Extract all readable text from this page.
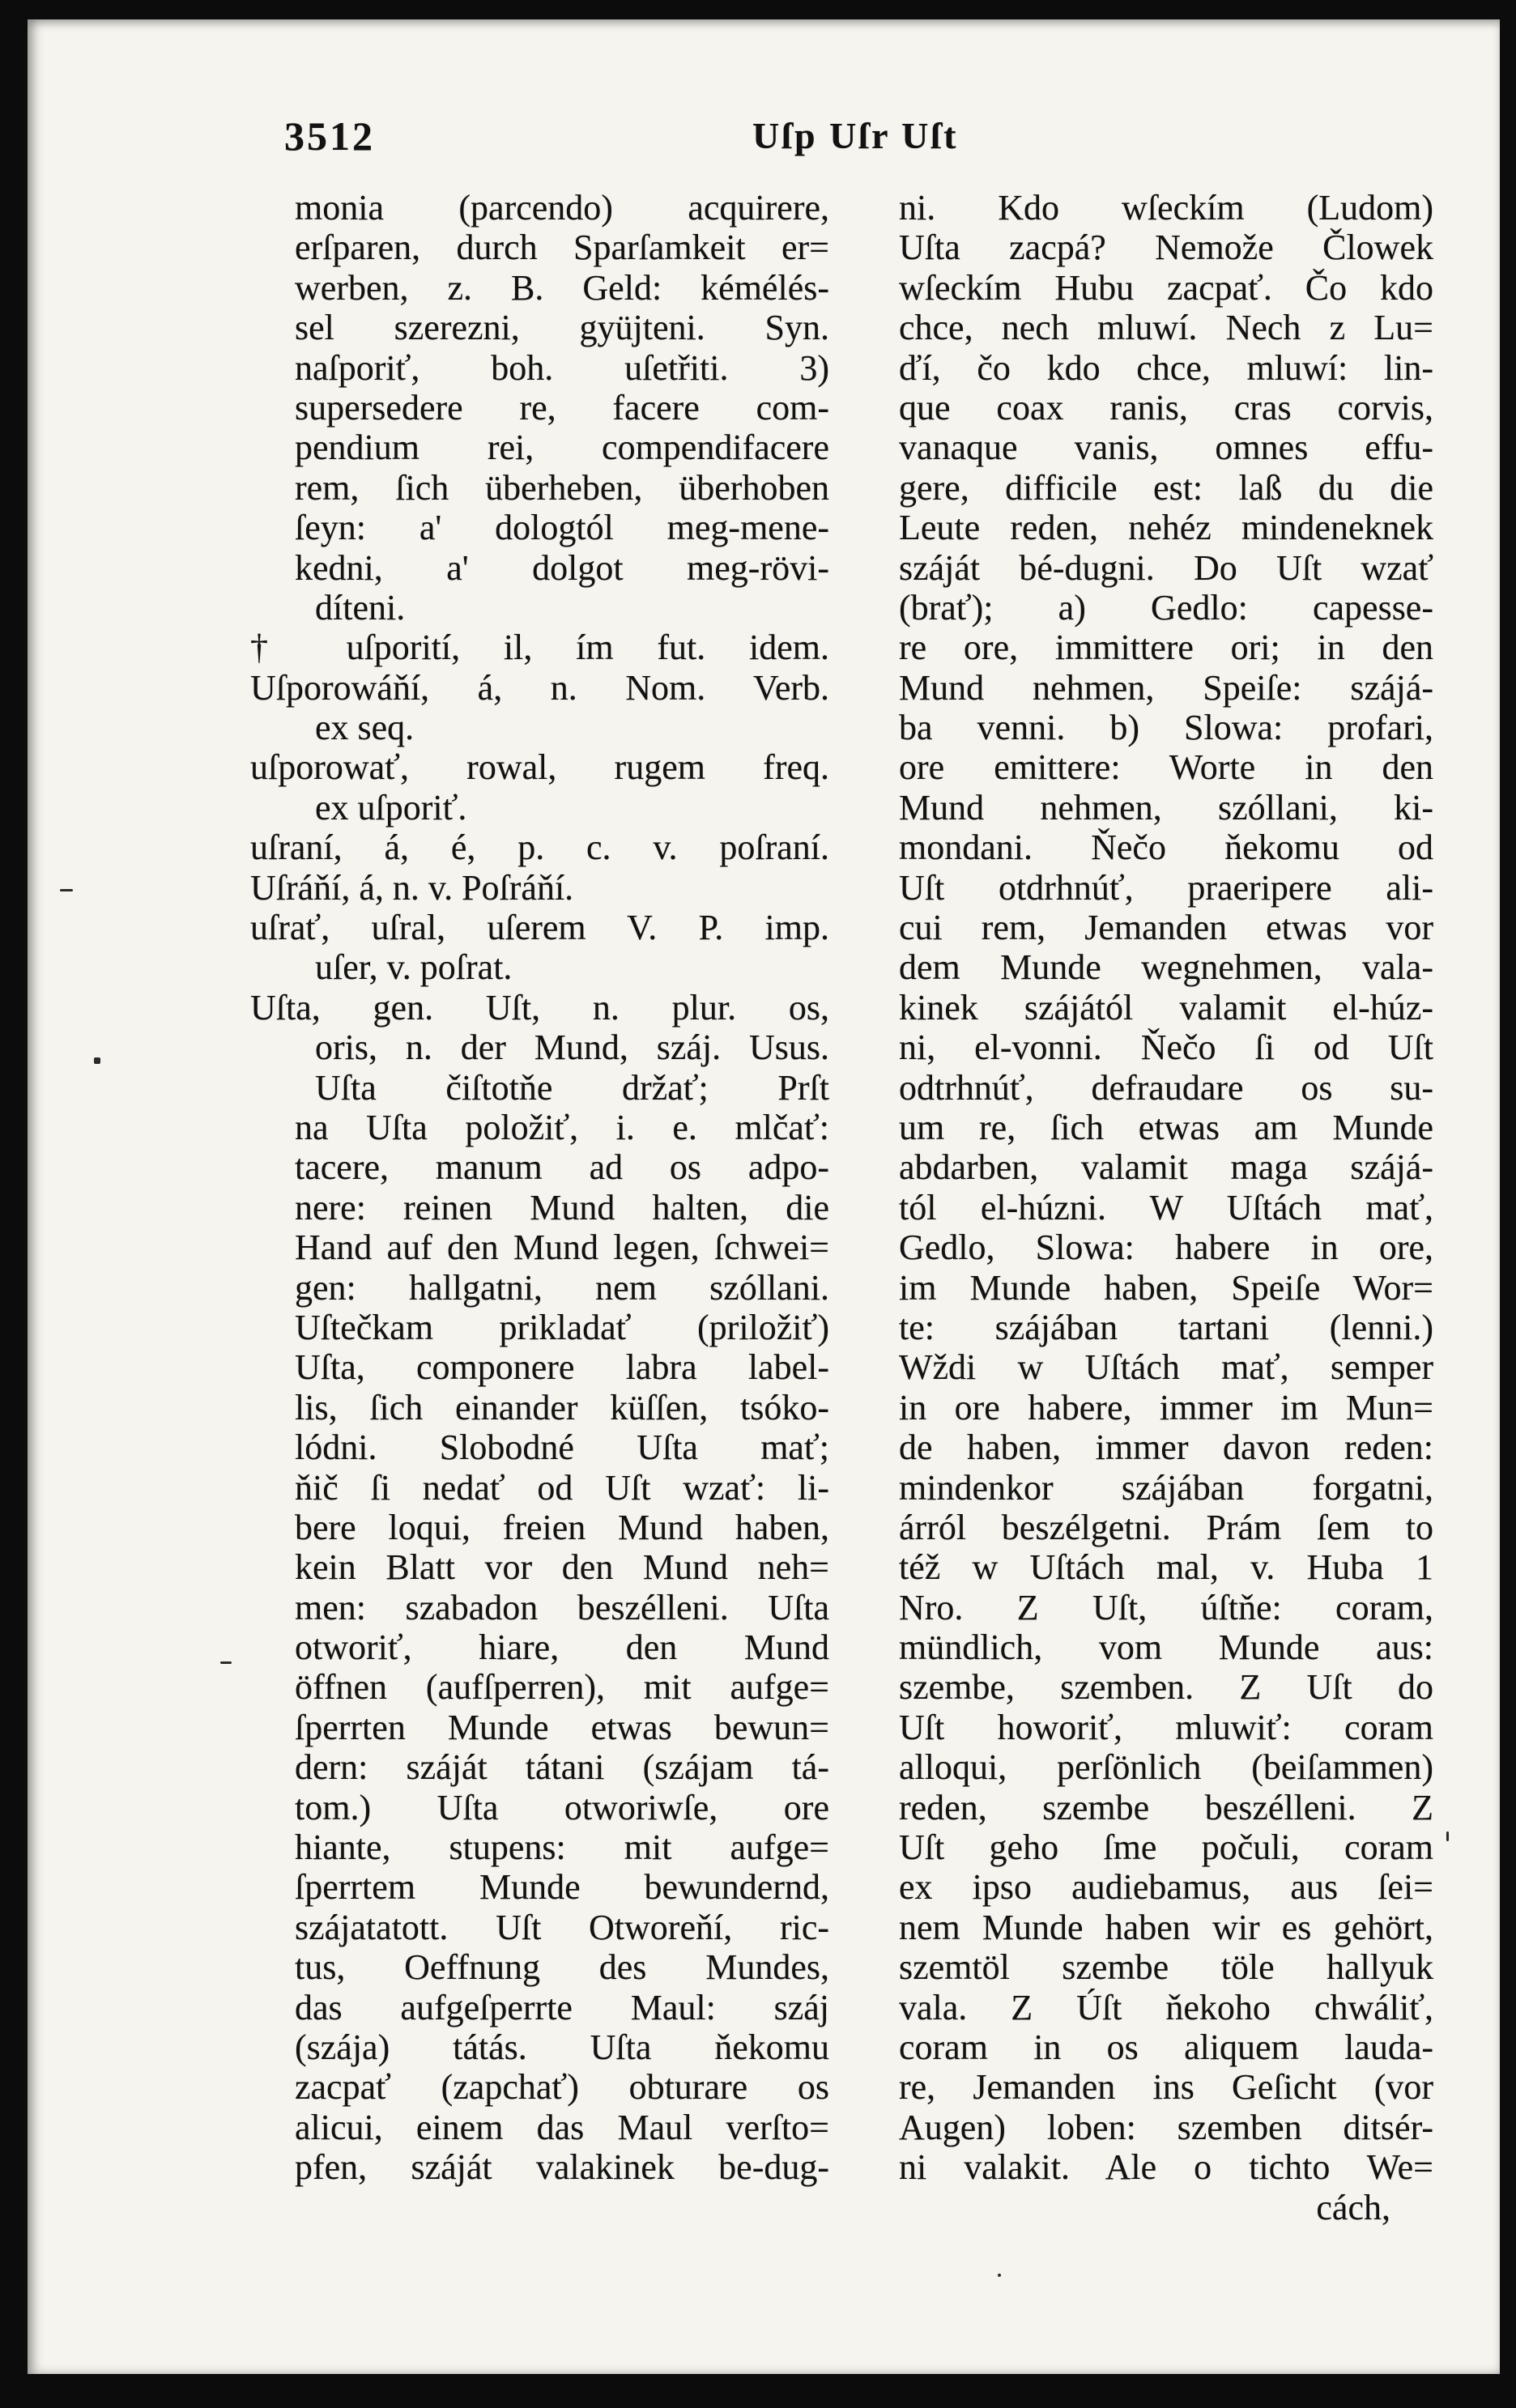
3512	Uſp Uſr Uſt
monia (parcendo) acquirere,
erſparen, durch Sparſamkeit er=
werben, z. B. Geld: kémélés-
sel szerezni, gyüjteni. Syn.
naſporiť, boh. uſetřiti. 3)
supersedere re, facere com-
pendium rei, compendifacere
rem, ſich überheben, überhoben
ſeyn: a' dologtól meg-mene-
kedni, a' dolgot meg-rövi-
díteni.
† uſporití, il, ím fut. idem.
Uſporowáňí, á, n. Nom. Verb.
ex seq.
uſporowať, rowal, rugem freq.
ex uſporiť.
uſraní, á, é, p. c. v. poſraní.
Uſráňí, á, n. v. Poſráňí.
uſrať, uſral, uſerem V. P. imp.
uſer, v. poſrat.
Uſta, gen. Uſt, n. plur. os,
oris, n. der Mund, száj. Usus.
Uſta čiſtotňe držať; Prſt
na Uſta položiť, i. e. mlčať:
tacere, manum ad os adpo-
nere: reinen Mund halten, die
Hand auf den Mund legen, ſchwei=
gen: hallgatni, nem szóllani.
Uſtečkam prikladať (priložiť)
Uſta, componere labra label-
lis, ſich einander küſſen, tsóko-
lódni. Slobodné Uſta mať;
ňič ſi nedať od Uſt wzať: li-
bere loqui, freien Mund haben,
kein Blatt vor den Mund neh=
men: szabadon beszélleni. Uſta
otworiť, hiare, den Mund
öffnen (aufſperren), mit aufge=
ſperrten Munde etwas bewun=
dern: száját tátani (szájam tá-
tom.) Uſta otworiwſe, ore
hiante, stupens: mit aufge=
ſperrtem Munde bewundernd,
szájatatott. Uſt Otworeňí, ric-
tus, Oeffnung des Mundes,
das aufgeſperrte Maul: száj
(szája) tátás. Uſta ňekomu
zacpať (zapchať) obturare os
alicui, einem das Maul verſto=
pfen, száját valakinek be-dug-
ni. Kdo wſeckím (Ludom)
Uſta zacpá? Nemože Člowek
wſeckím Hubu zacpať. Čo kdo
chce, nech mluwí. Nech z Lu=
ďí, čo kdo chce, mluwí: lin-
que coax ranis, cras corvis,
vanaque vanis, omnes effu-
gere, difficile est: laß du die
Leute reden, nehéz mindeneknek
száját bé-dugni. Do Uſt wzať
(brať); a) Gedlo: capesse-
re ore, immittere ori; in den
Mund nehmen, Speiſe: szájá-
ba venni. b) Slowa: profari,
ore emittere: Worte in den
Mund nehmen, szóllani, ki-
mondani. Ňečo ňekomu od
Uſt otdrhnúť, praeripere ali-
cui rem, Jemanden etwas vor
dem Munde wegnehmen, vala-
kinek szájától valamit el-húz-
ni, el-vonni. Ňečo ſi od Uſt
odtrhnúť, defraudare os su-
um re, ſich etwas am Munde
abdarben, valamit maga szájá-
tól el-húzni. W Uſtách mať,
Gedlo, Slowa: habere in ore,
im Munde haben, Speiſe Wor=
te: szájában tartani (lenni.)
Wždi w Uſtách mať, semper
in ore habere, immer im Mun=
de haben, immer davon reden:
mindenkor szájában forgatni,
árról beszélgetni. Prám ſem to
též w Uſtách mal, v. Huba 1
Nro. Z Uſt, úſtňe: coram,
mündlich, vom Munde aus:
szembe, szemben. Z Uſt do
Uſt howoriť, mluwiť: coram
alloqui, perſönlich (beiſammen)
reden, szembe beszélleni. Z
Uſt geho ſme počuli, coram
ex ipso audiebamus, aus ſei=
nem Munde haben wir es gehört,
szemtöl szembe töle hallyuk
vala. Z Úſt ňekoho chwáliť,
coram in os aliquem lauda-
re, Jemanden ins Geſicht (vor
Augen) loben: szemben ditsér-
ni valakit. Ale o tichto We=
cách,
